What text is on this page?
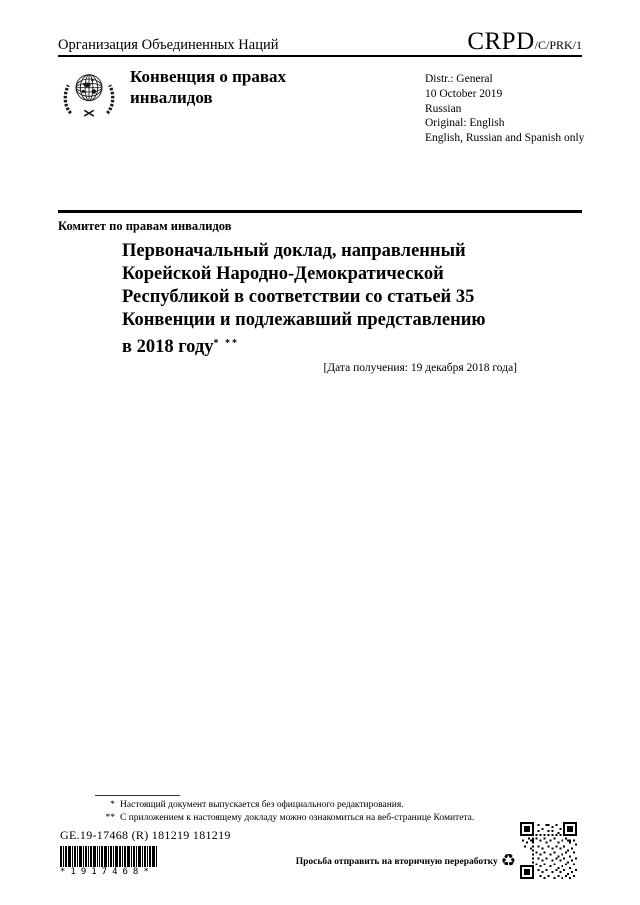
Организация Объединенных Наций	CRPD /C/PRK/1
Конвенция о правах
инвалидов
Distr.: General
10 October 2019
Russian
Original: English
English, Russian and Spanish only
Комитет по правам инвалидов
Первоначальный доклад, направленный
Корейской Народно-Демократической
Республикой в соответствии со статьей 35
Конвенции и подлежавший представлению
в 2018 году* **
[Дата получения: 19 декабря 2018 года]
* Настоящий документ выпускается без официального редактирования.
** С приложением к настоящему докладу можно ознакомиться на веб-странице Комитета.
GE.19-17468 (R) 181219 181219
*1917468*
Просьба отправить на вторичную переработку ♻
